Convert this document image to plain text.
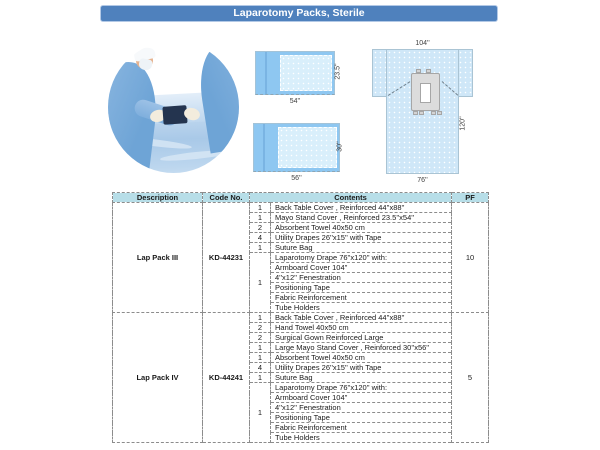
Laparotomy Packs, Sterile
54''
23.5''
56''
30''
104''
120''
76''
Description	Code No.	Contents		PF
Lap Pack III	KD-44231	1	Back Table Cover , Reinforced 44''x88''	10
		1	Mayo Stand Cover , Reinforced 23.5''x54''	
		2	Absorbent Towel 40x50 cm	
		4	Utility Drapes 26''x15'' with Tape	
		1	Suture Bag	
		1	Laparotomy Drape 76''x120'' with:	
			Armboard Cover 104''	
			4''x12'' Fenestration	
			Positioning Tape	
			Fabric Reinforcement	
			Tube Holders	
Lap Pack IV	KD-44241	1	Back Table Cover , Reinforced 44''x88''	5
		2	Hand Towel 40x50 cm	
		2	Surgical Gown Reinforced Large	
		1	Large Mayo Stand Cover , Reinforced 30''x56''	
		1	Absorbent Towel 40x50 cm	
		4	Utility Drapes 26''x15'' with Tape	
		1	Suture Bag	
		1	Laparotomy Drape 76''x120'' with:	
			Armboard Cover 104''	
			4''x12'' Fenestration	
			Positioning Tape	
			Fabric Reinforcement	
			Tube Holders	
